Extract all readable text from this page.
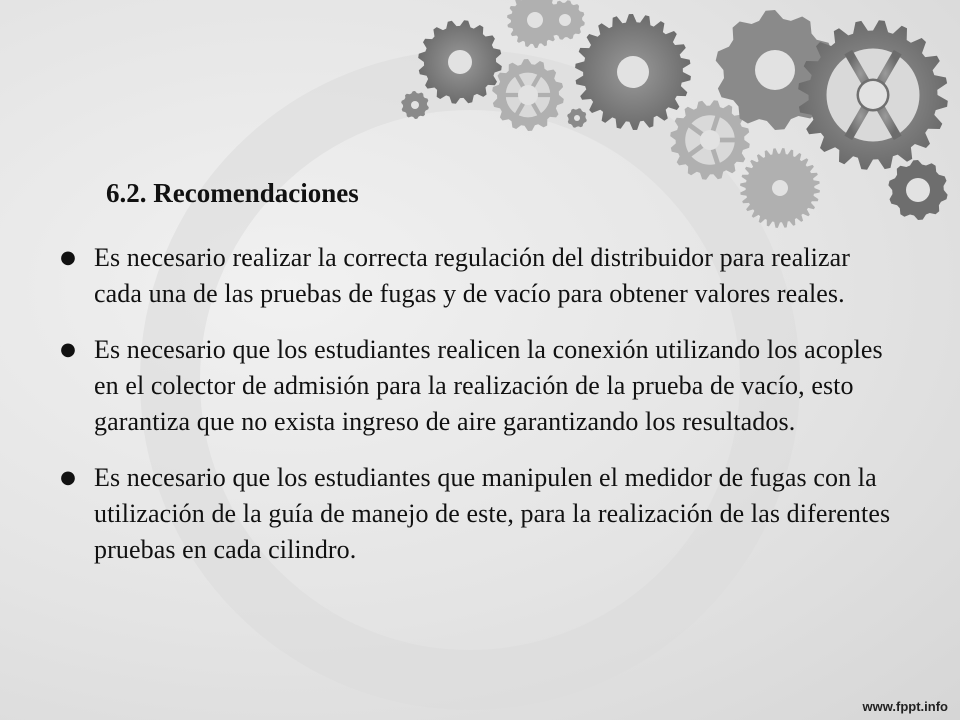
6.2. Recomendaciones
● Es necesario realizar la correcta regulación del distribuidor para realizar cada una de las pruebas de fugas y de vacío para obtener valores reales.
● Es necesario que los estudiantes realicen la conexión utilizando los acoples en el colector de admisión para la realización de la prueba de vacío, esto garantiza que no exista ingreso de aire garantizando los resultados.
● Es necesario que los estudiantes que manipulen el medidor de fugas con la utilización de la guía de manejo de este, para la realización de las diferentes pruebas en cada cilindro.
www.fppt.info
